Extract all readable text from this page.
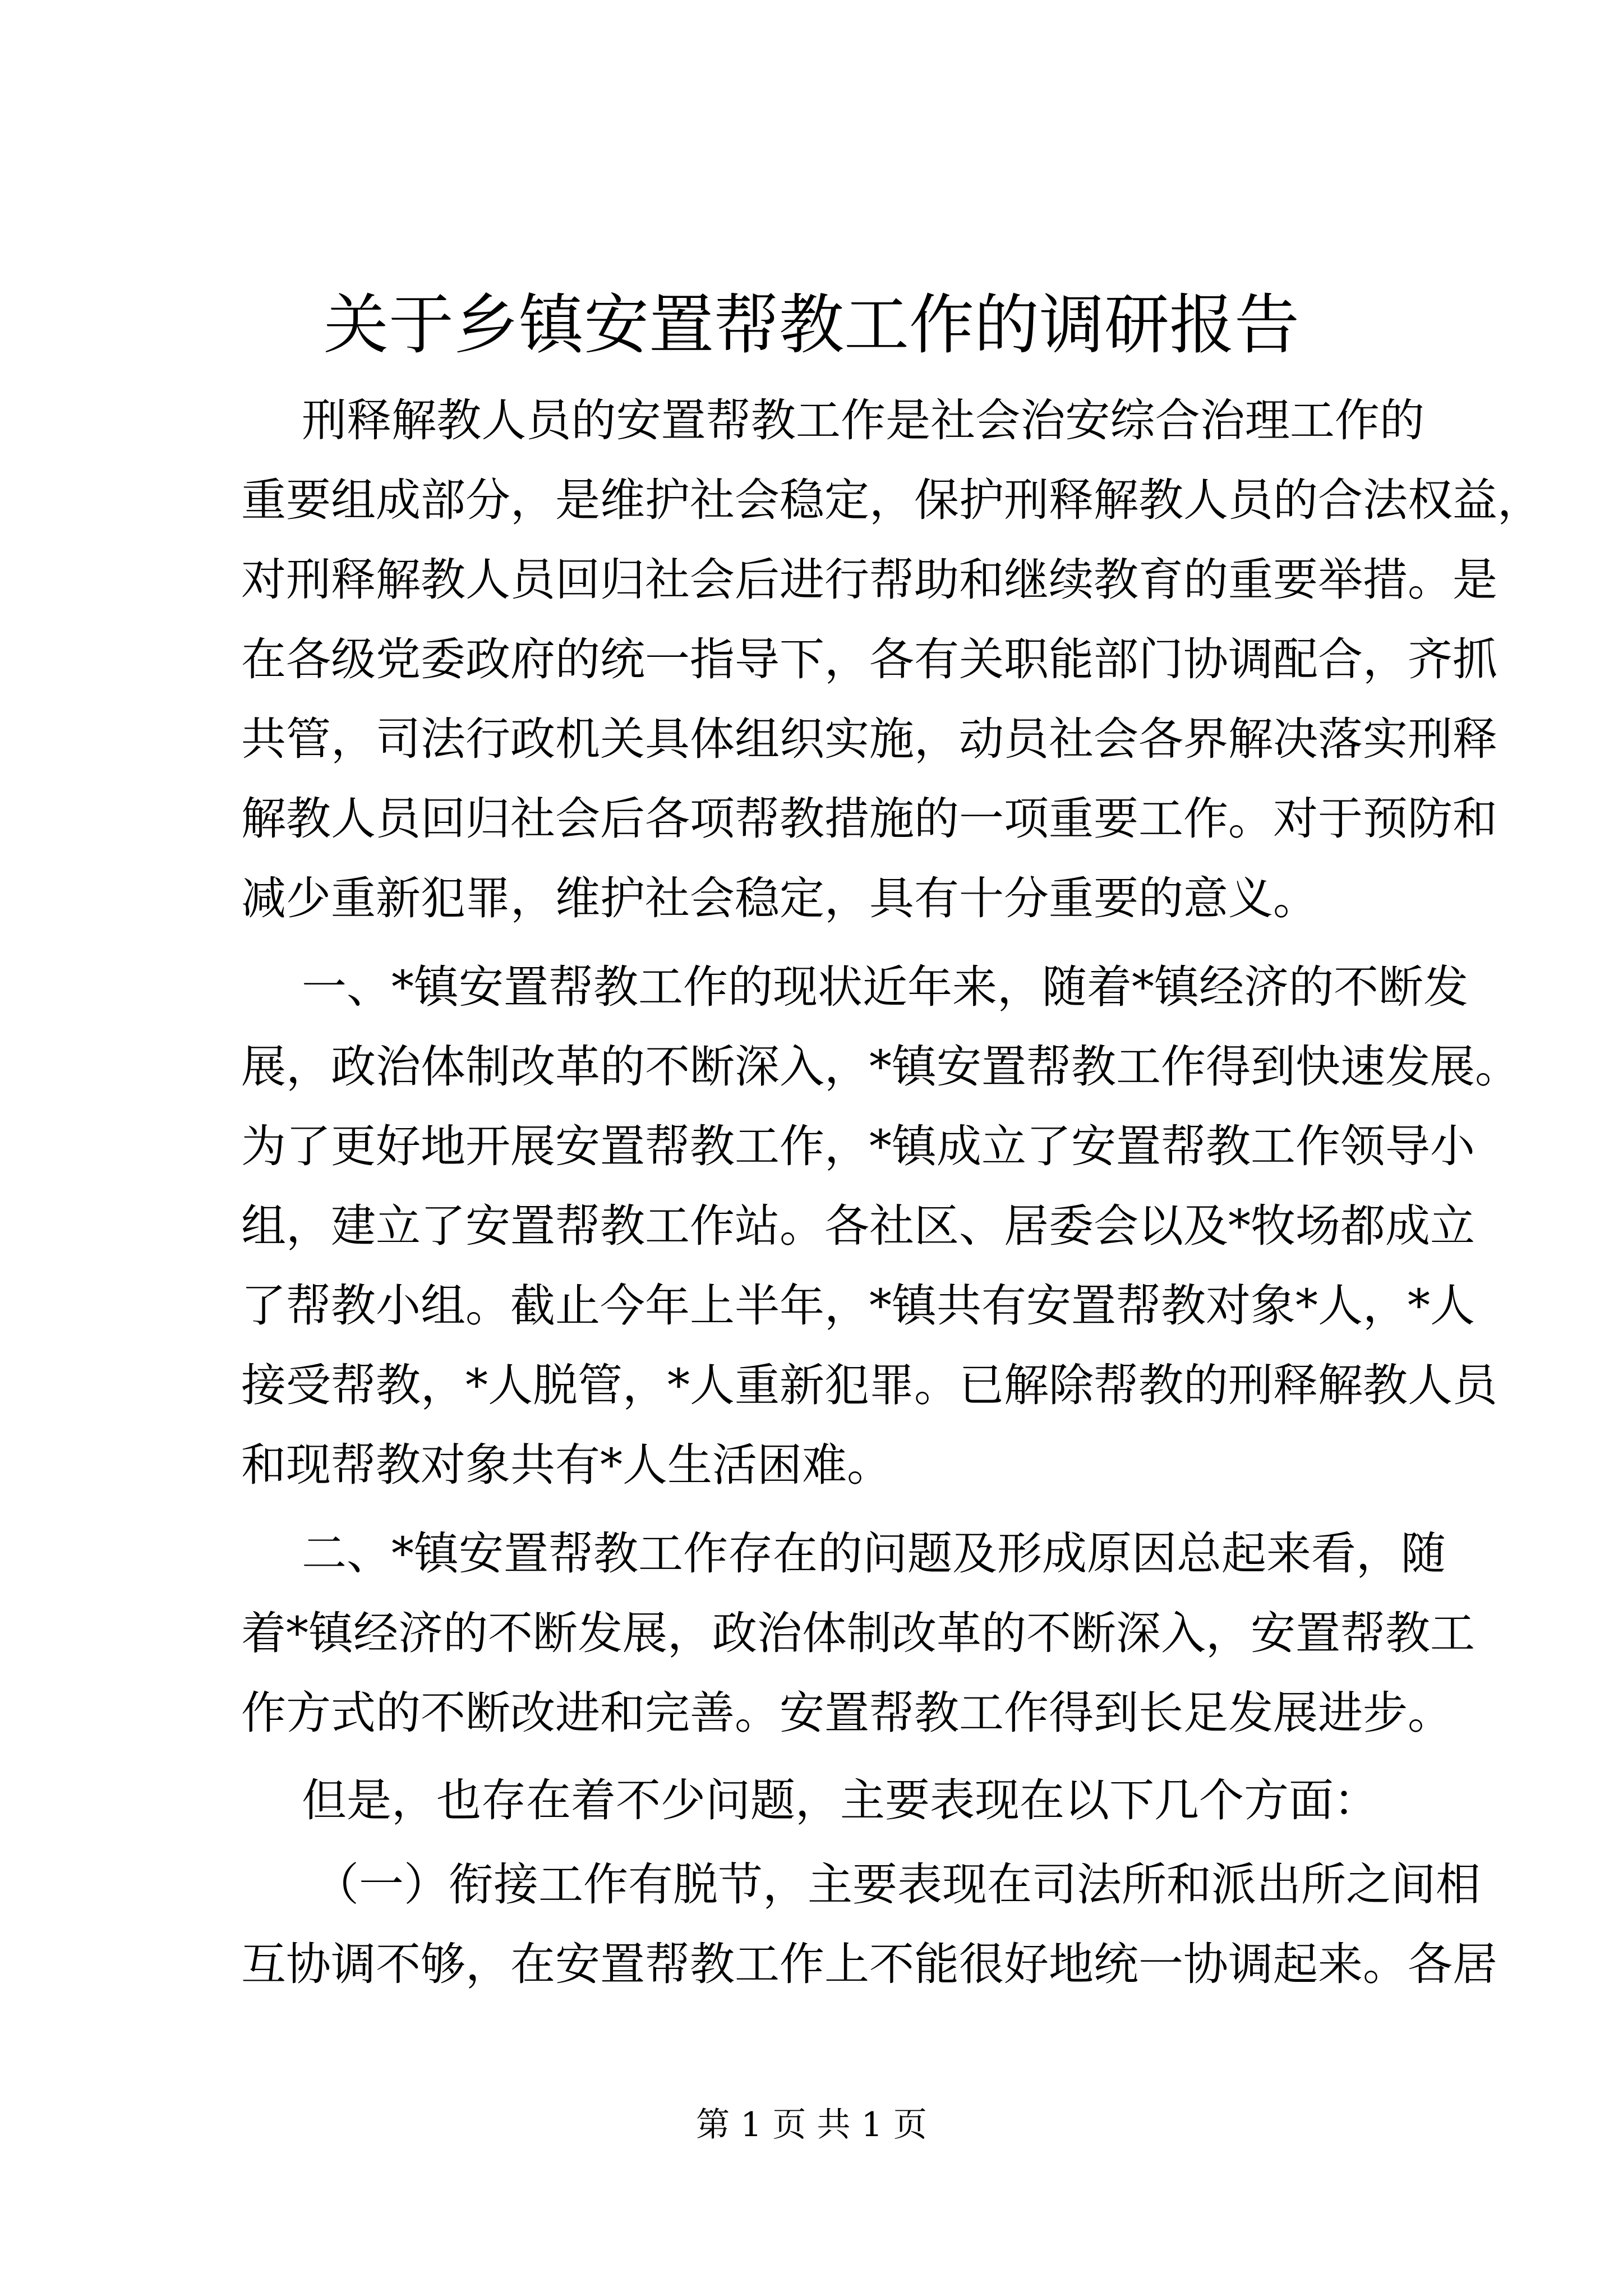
关于乡镇安置帮教工作的调研报告
刑释解教人员的安置帮教工作是社会治安综合治理工作的
重要组成部分，是维护社会稳定，保护刑释解教人员的合法权益，
对刑释解教人员回归社会后进行帮助和继续教育的重要举措。是
在各级党委政府的统一指导下，各有关职能部门协调配合，齐抓
共管，司法行政机关具体组织实施，动员社会各界解决落实刑释
解教人员回归社会后各项帮教措施的一项重要工作。对于预防和
减少重新犯罪，维护社会稳定，具有十分重要的意义。
一、*镇安置帮教工作的现状近年来，随着*镇经济的不断发
展，政治体制改革的不断深入，*镇安置帮教工作得到快速发展。
为了更好地开展安置帮教工作，*镇成立了安置帮教工作领导小
组，建立了安置帮教工作站。各社区、居委会以及*牧场都成立
了帮教小组。截止今年上半年，*镇共有安置帮教对象*人，*人
接受帮教，*人脱管，*人重新犯罪。已解除帮教的刑释解教人员
和现帮教对象共有*人生活困难。
二、*镇安置帮教工作存在的问题及形成原因总起来看，随
着*镇经济的不断发展，政治体制改革的不断深入，安置帮教工
作方式的不断改进和完善。安置帮教工作得到长足发展进步。
但是，也存在着不少问题，主要表现在以下几个方面：
（一）衔接工作有脱节，主要表现在司法所和派出所之间相
互协调不够，在安置帮教工作上不能很好地统一协调起来。各居
第 1 页 共 1 页
